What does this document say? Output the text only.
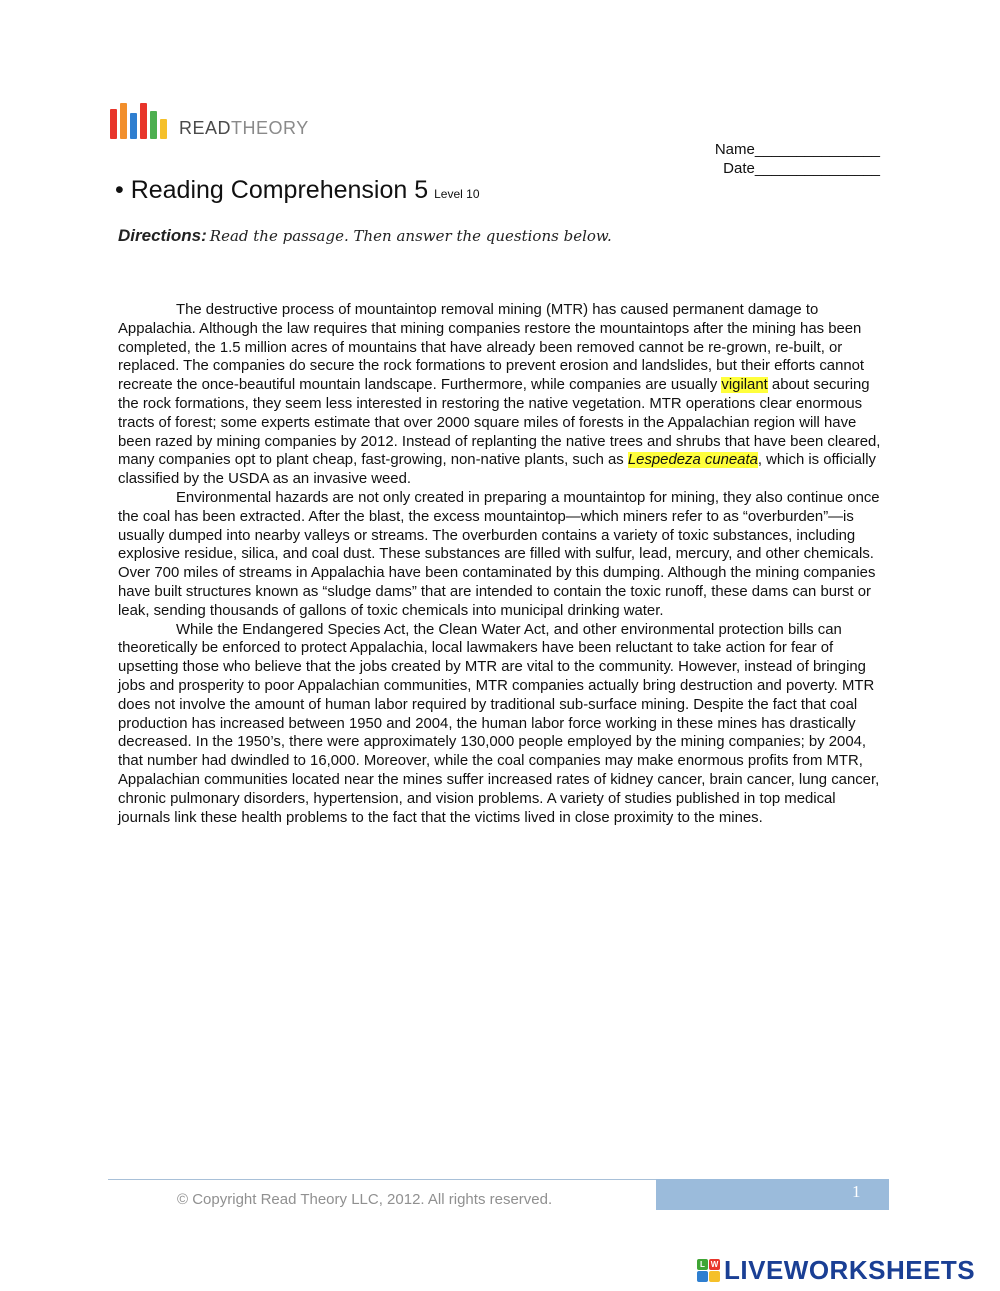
READTHEORY
Name_______________
Date_______________
• Reading Comprehension 5 Level 10
Directions: Read the passage. Then answer the questions below.

The destructive process of mountaintop removal mining (MTR) has caused permanent damage to Appalachia. Although the law requires that mining companies restore the mountaintops after the mining has been completed, the 1.5 million acres of mountains that have already been removed cannot be re-grown, re-built, or replaced. The companies do secure the rock formations to prevent erosion and landslides, but their efforts cannot recreate the once-beautiful mountain landscape. Furthermore, while companies are usually vigilant about securing the rock formations, they seem less interested in restoring the native vegetation. MTR operations clear enormous tracts of forest; some experts estimate that over 2000 square miles of forests in the Appalachian region will have been razed by mining companies by 2012. Instead of replanting the native trees and shrubs that have been cleared, many companies opt to plant cheap, fast-growing, non-native plants, such as Lespedeza cuneata, which is officially classified by the USDA as an invasive weed.

Environmental hazards are not only created in preparing a mountaintop for mining, they also continue once the coal has been extracted. After the blast, the excess mountaintop—which miners refer to as “overburden”—is usually dumped into nearby valleys or streams. The overburden contains a variety of toxic substances, including explosive residue, silica, and coal dust. These substances are filled with sulfur, lead, mercury, and other chemicals. Over 700 miles of streams in Appalachia have been contaminated by this dumping. Although the mining companies have built structures known as “sludge dams” that are intended to contain the toxic runoff, these dams can burst or leak, sending thousands of gallons of toxic chemicals into municipal drinking water.

While the Endangered Species Act, the Clean Water Act, and other environmental protection bills can theoretically be enforced to protect Appalachia, local lawmakers have been reluctant to take action for fear of upsetting those who believe that the jobs created by MTR are vital to the community. However, instead of bringing jobs and prosperity to poor Appalachian communities, MTR companies actually bring destruction and poverty. MTR does not involve the amount of human labor required by traditional sub-surface mining. Despite the fact that coal production has increased between 1950 and 2004, the human labor force working in these mines has drastically decreased. In the 1950’s, there were approximately 130,000 people employed by the mining companies; by 2004, that number had dwindled to 16,000. Moreover, while the coal companies may make enormous profits from MTR, Appalachian communities located near the mines suffer increased rates of kidney cancer, brain cancer, lung cancer, chronic pulmonary disorders, hypertension, and vision problems. A variety of studies published in top medical journals link these health problems to the fact that the victims lived in close proximity to the mines.

© Copyright Read Theory LLC, 2012. All rights reserved.	1
L W LIVEWORKSHEETS
